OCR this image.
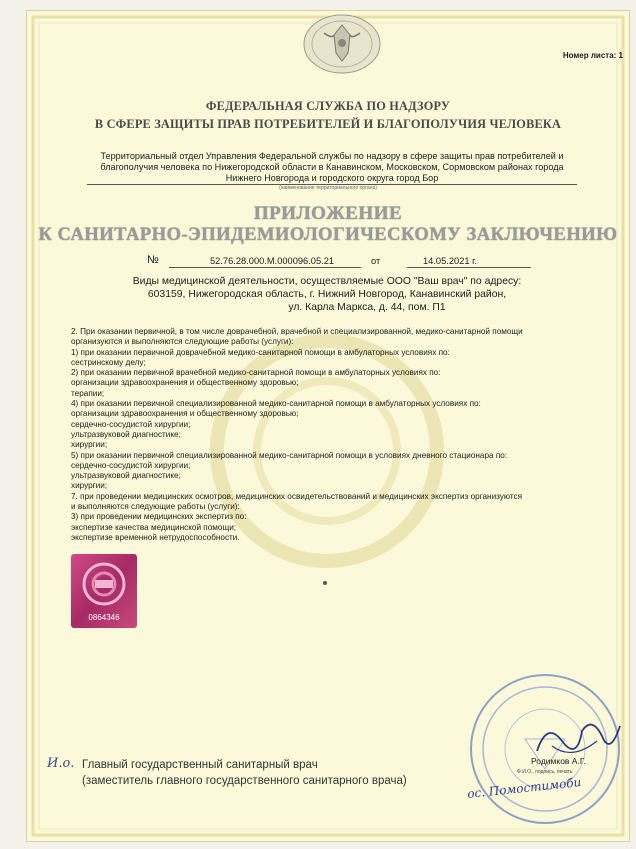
Номер листа: 1
ФЕДЕРАЛЬНАЯ СЛУЖБА ПО НАДЗОРУ
В СФЕРЕ ЗАЩИТЫ ПРАВ ПОТРЕБИТЕЛЕЙ И БЛАГОПОЛУЧИЯ ЧЕЛОВЕКА
Территориальный отдел Управления Федеральной службы по надзору в сфере защиты прав потребителей и
благополучия человека по Нижегородской области в Канавинском, Московском, Сормовском районах города
Нижнего Новгорода и городского округа город Бор
(наименование территориального органа)
ПРИЛОЖЕНИЕ
К САНИТАРНО-ЭПИДЕМИОЛОГИЧЕСКОМУ ЗАКЛЮЧЕНИЮ
№	52.76.28.000.М.000096.05.21	от	14.05.2021 г.
Виды медицинской деятельности, осуществляемые ООО "Ваш врач" по адресу:
603159, Нижегородская область, г. Нижний Новгород, Канавинский район,
ул. Карла Маркса, д. 44, пом. П1
2. При оказании первичной, в том числе доврачебной, врачебной и специализированной, медико-санитарной помощи
организуются и выполняются следующие работы (услуги):
1) при оказании первичной доврачебной медико-санитарной помощи в амбулаторных условиях по:
сестринскому делу;
2) при оказании первичной врачебной медико-санитарной помощи в амбулаторных условиях по:
организации здравоохранения и общественному здоровью;
терапии;
4) при оказании первичной специализированной медико-санитарной помощи в амбулаторных условиях по:
организации здравоохранения и общественному здоровью;
сердечно-сосудистой хирургии;
ультразвуковой диагностике;
хирургии;
5) при оказании первичной специализированной медико-санитарной помощи в условиях дневного стационара по:
сердечно-сосудистой хирургии;
ультразвуковой диагностике;
хирургии;
7. при проведении медицинских осмотров, медицинских освидетельствований и медицинских экспертиз организуются
и выполняются следующие работы (услуги):
3) при проведении медицинских экспертиз по:
экспертизе качества медицинской помощи;
экспертизе временной нетрудоспособности.
0864346
И.о. Главный государственный санитарный врач
(заместитель главного государственного санитарного врача)
Родимков А.Г.
Ф.И.О., подпись, печать
ос. Помостимоби
